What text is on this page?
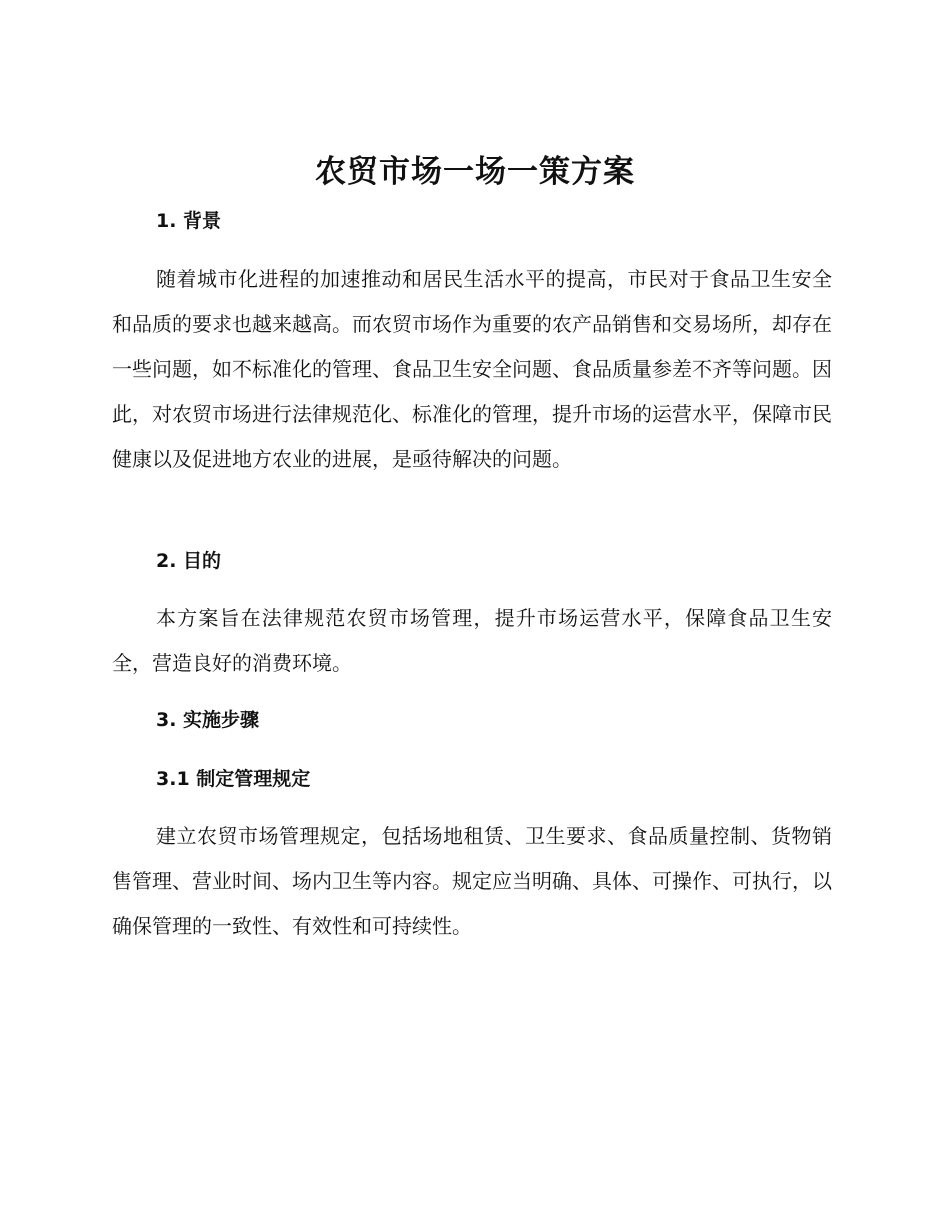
农贸市场一场一策方案
1. 背景
随着城市化进程的加速推动和居民生活水平的提高，市民对于食品卫生安全和品质的要求也越来越高。而农贸市场作为重要的农产品销售和交易场所，却存在一些问题，如不标准化的管理、食品卫生安全问题、食品质量参差不齐等问题。因此，对农贸市场进行法律规范化、标准化的管理，提升市场的运营水平，保障市民健康以及促进地方农业的进展，是亟待解决的问题。
2. 目的
本方案旨在法律规范农贸市场管理，提升市场运营水平，保障食品卫生安全，营造良好的消费环境。
3. 实施步骤
3.1 制定管理规定
建立农贸市场管理规定，包括场地租赁、卫生要求、食品质量控制、货物销售管理、营业时间、场内卫生等内容。规定应当明确、具体、可操作、可执行，以确保管理的一致性、有效性和可持续性。
